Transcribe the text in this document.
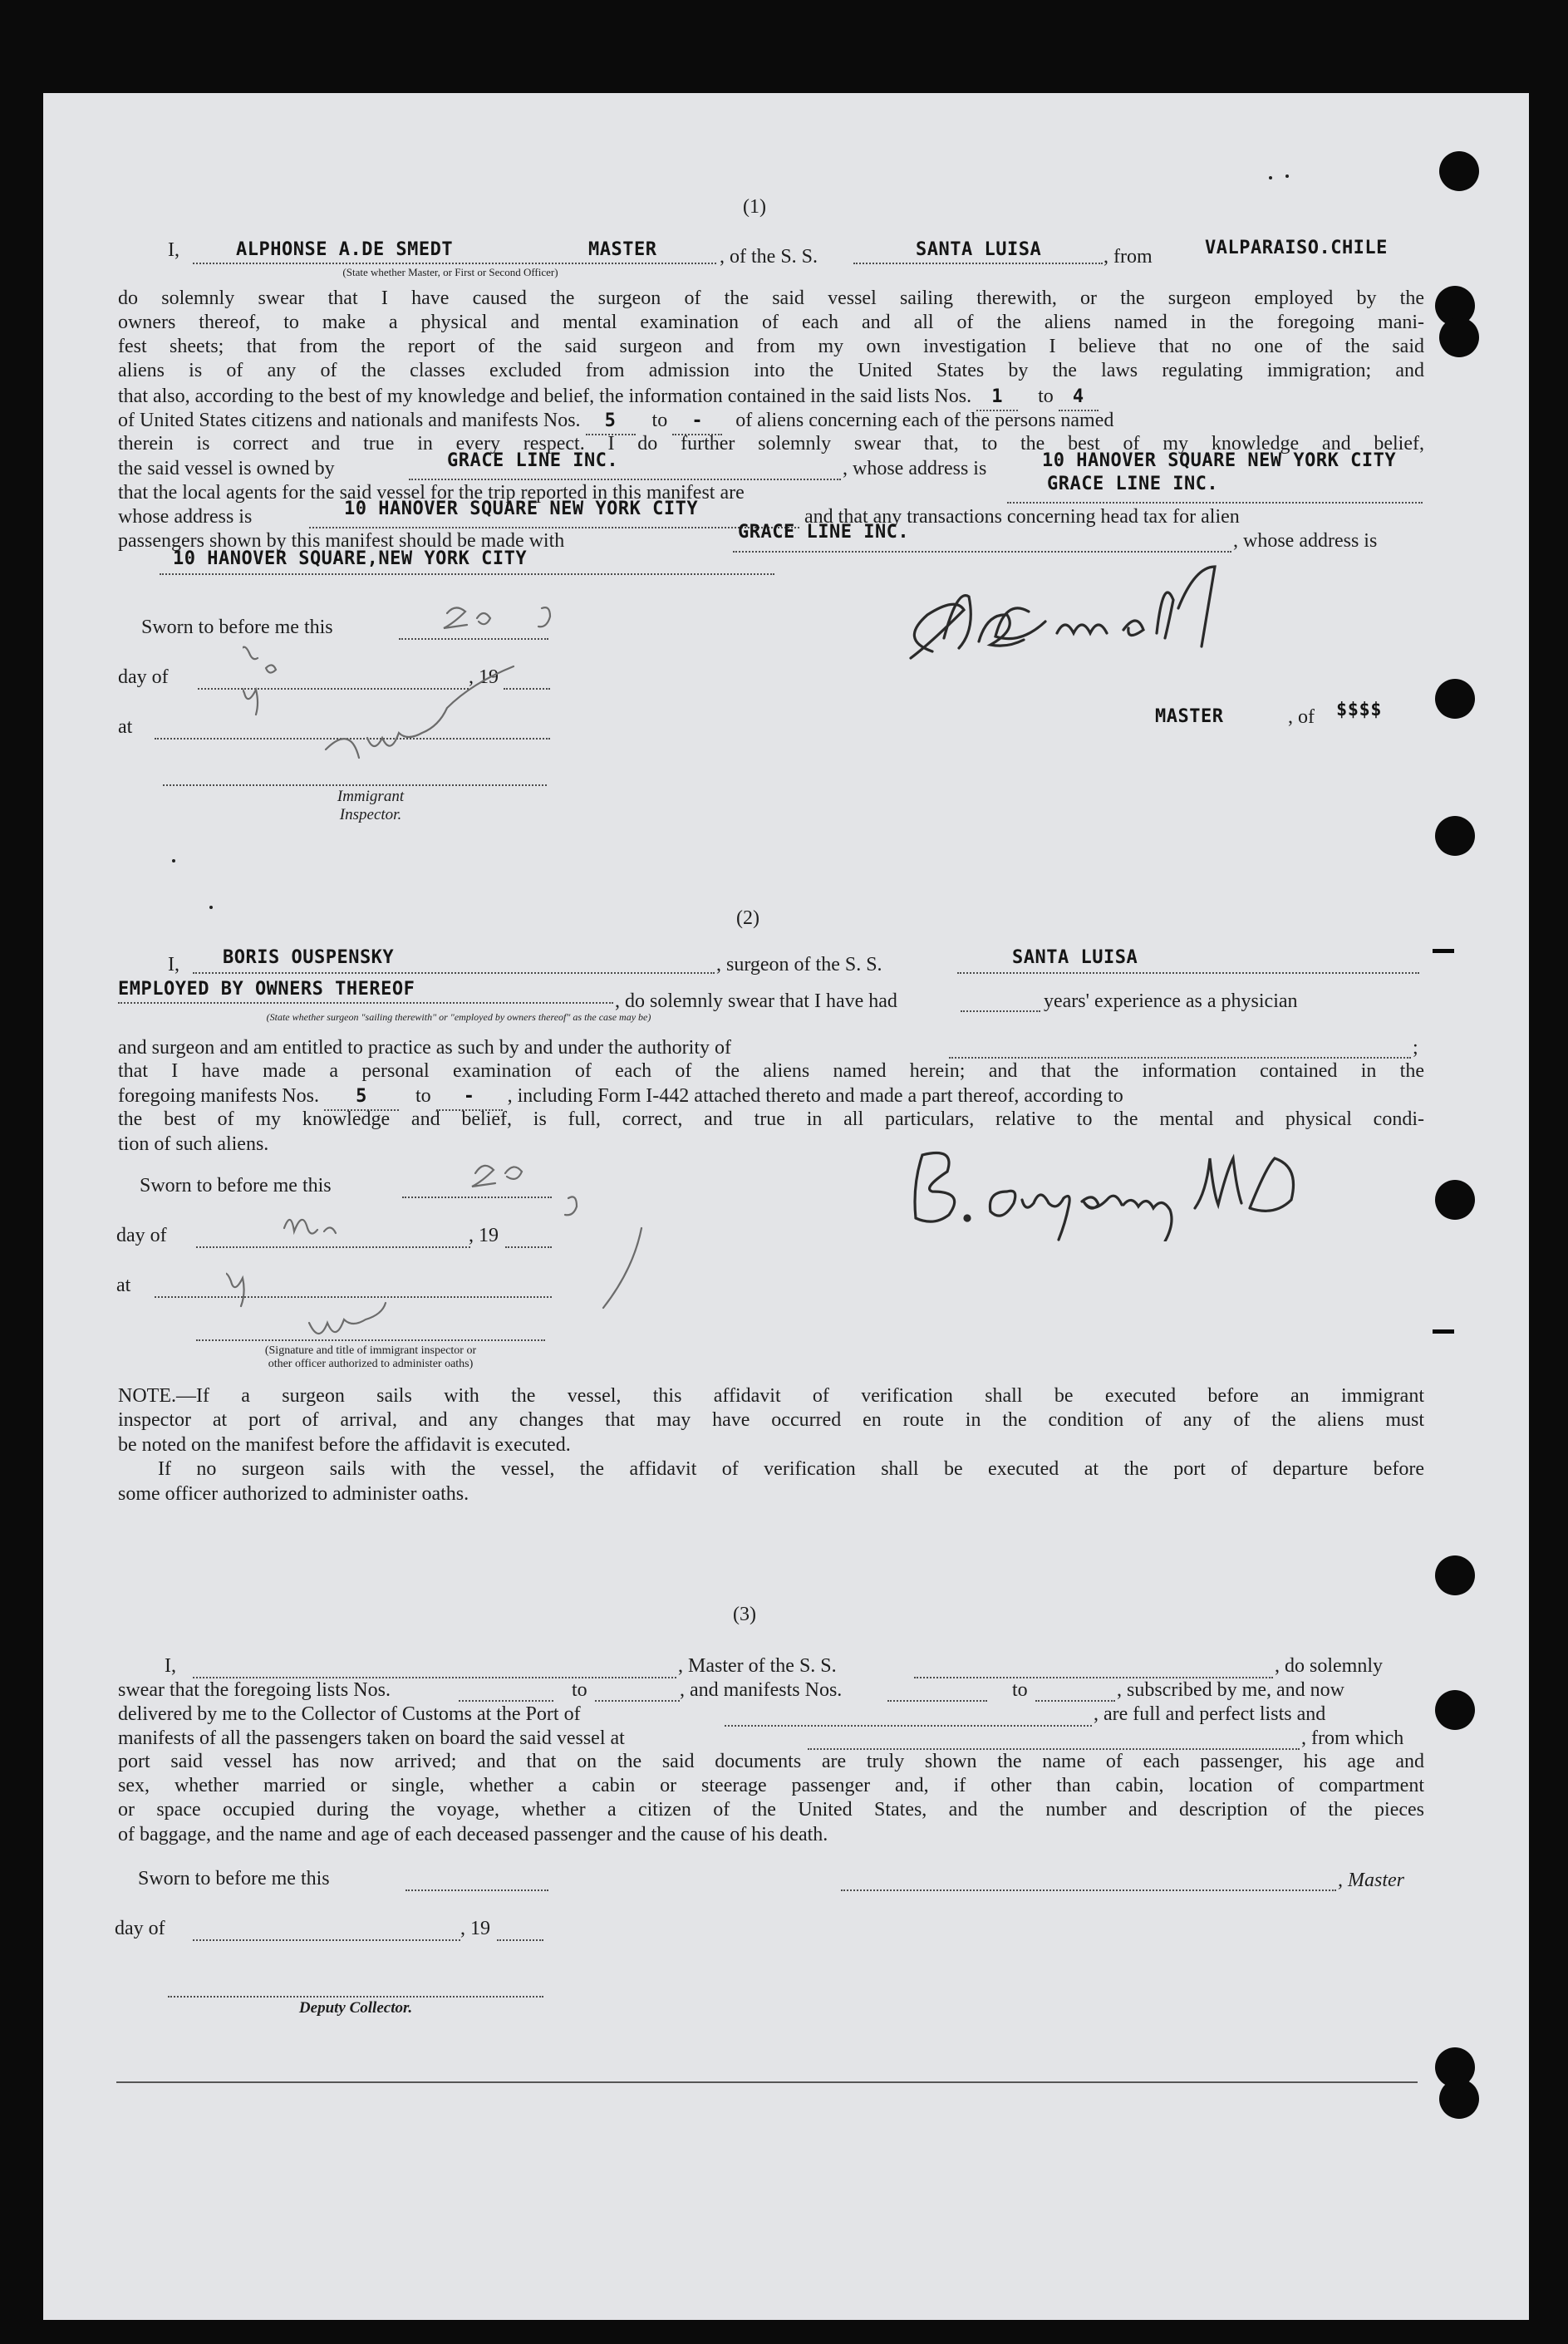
(1)
I,	ALPHONSE A.DE SMEDT	MASTER	, of the S. S.	SANTA LUISA	, from	VALPARAISO.CHILE
(State whether Master, or First or Second Officer)
do solemnly swear that I have caused the surgeon of the said vessel sailing therewith, or the surgeon employed by the
owners thereof, to make a physical and mental examination of each and all of the aliens named in the foregoing mani-
fest sheets; that from the report of the said surgeon and from my own investigation I believe that no one of the said
aliens is of any of the classes excluded from admission into the United States by the laws regulating immigration; and
that also, according to the best of my knowledge and belief, the information contained in the said lists Nos. 1 to 4
of United States citizens and nationals and manifests Nos. 5 to - of aliens concerning each of the persons named
therein is correct and true in every respect. I do further solemnly swear that, to the best of my knowledge and belief,
the said vessel is owned by	GRACE LINE INC.	, whose address is	10 HANOVER SQUARE NEW YORK CITY
that the local agents for the said vessel for the trip reported in this manifest are	GRACE LINE INC.
whose address is	10 HANOVER SQUARE NEW YORK CITY	and that any transactions concerning head tax for alien
passengers shown by this manifest should be made with	GRACE LINE INC.	, whose address is
10 HANOVER SQUARE,NEW YORK CITY
Sworn to before me this
day of	, 19
at
Immigrant Inspector.
MASTER	, of $$$$
(2)
I, BORIS OUSPENSKY	, surgeon of the S. S.	SANTA LUISA
EMPLOYED BY OWNERS THEREOF
, do solemnly swear that I have had	years' experience as a physician
(State whether surgeon "sailing therewith" or "employed by owners thereof" as the case may be)
and surgeon and am entitled to practice as such by and under the authority of	;
that I have made a personal examination of each of the aliens named herein; and that the information contained in the
foregoing manifests Nos. 5 to - , including Form I-442 attached thereto and made a part thereof, according to
the best of my knowledge and belief, is full, correct, and true in all particulars, relative to the mental and physical condi-
tion of such aliens.
Sworn to before me this
day of	, 19
at
(Signature and title of immigrant inspector or
other officer authorized to administer oaths)
NOTE.—If a surgeon sails with the vessel, this affidavit of verification shall be executed before an immigrant
inspector at port of arrival, and any changes that may have occurred en route in the condition of any of the aliens must
be noted on the manifest before the affidavit is executed.
If no surgeon sails with the vessel, the affidavit of verification shall be executed at the port of departure before
some officer authorized to administer oaths.
(3)
I,	, Master of the S. S.	, do solemnly
swear that the foregoing lists Nos.	to	, and manifests Nos.	to	, subscribed by me, and now
delivered by me to the Collector of Customs at the Port of	, are full and perfect lists and
manifests of all the passengers taken on board the said vessel at	, from which
port said vessel has now arrived; and that on the said documents are truly shown the name of each passenger, his age and
sex, whether married or single, whether a cabin or steerage passenger and, if other than cabin, location of compartment
or space occupied during the voyage, whether a citizen of the United States, and the number and description of the pieces
of baggage, and the name and age of each deceased passenger and the cause of his death.
Sworn to before me this	, Master
day of	, 19
Deputy Collector.
